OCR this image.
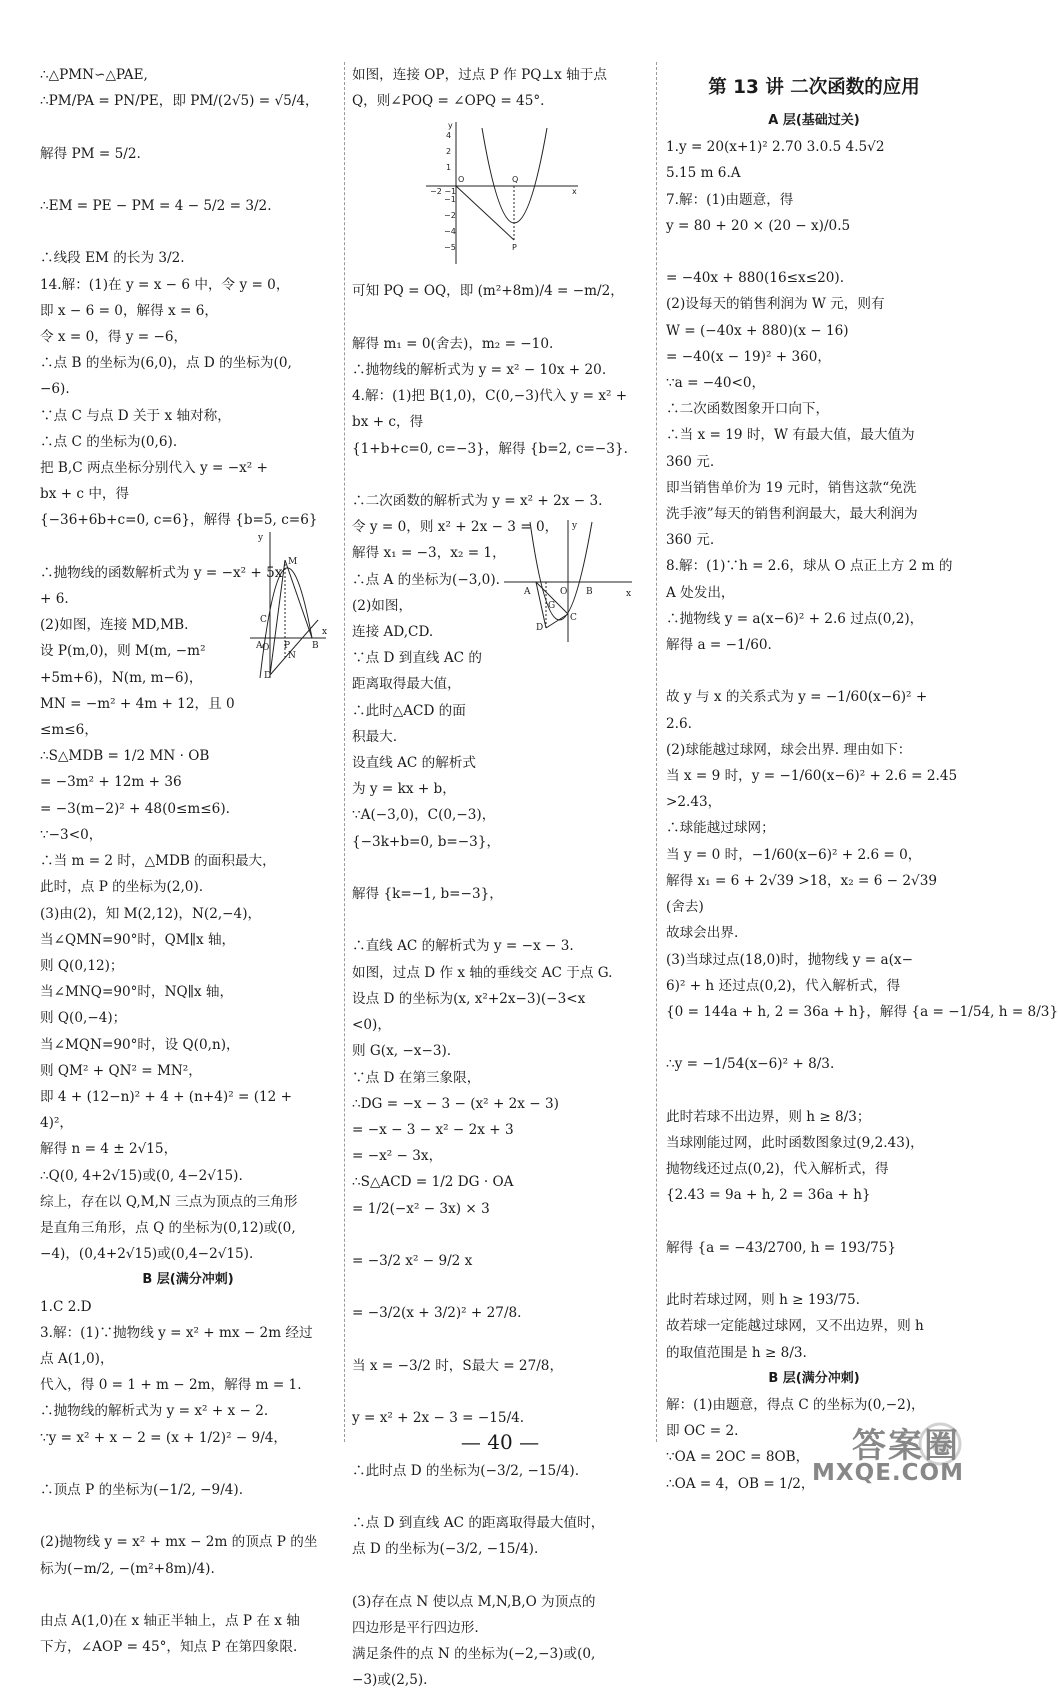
∴△PMN∽△PAE,
∴PM/PA = PN/PE，即 PM/(2√5) = √5/4，

解得 PM = 5/2.

∴EM = PE − PM = 4 − 5/2 = 3/2.

∴线段 EM 的长为 3/2.
14.解：(1)在 y = x − 6 中，令 y = 0，
即 x − 6 = 0，解得 x = 6，
令 x = 0，得 y = −6，
∴点 B 的坐标为(6,0)，点 D 的坐标为(0,
−6).
∵点 C 与点 D 关于 x 轴对称，
∴点 C 的坐标为(0,6).
把 B,C 两点坐标分别代入 y = −x² +
bx + c 中，得
{−36+6b+c=0, c=6}，解得 {b=5, c=6}

∴抛物线的函数解析式为 y = −x² + 5x
+ 6.
(2)如图，连接 MD,MB.
设 P(m,0)，则 M(m, −m²
+5m+6)，N(m, m−6)，
MN = −m² + 4m + 12，且 0
≤m≤6，
∴S△MDB = 1/2 MN · OB
= −3m² + 12m + 36
= −3(m−2)² + 48(0≤m≤6).
∵−3<0，
∴当 m = 2 时，△MDB 的面积最大，
此时，点 P 的坐标为(2,0).
(3)由(2)，知 M(2,12)，N(2,−4)，
当∠QMN=90°时，QM∥x 轴，
则 Q(0,12)；
当∠MNQ=90°时，NQ∥x 轴，
则 Q(0,−4)；
当∠MQN=90°时，设 Q(0,n)，
则 QM² + QN² = MN²，
即 4 + (12−n)² + 4 + (n+4)² = (12 +
4)²，
解得 n = 4 ± 2√15，
∴Q(0, 4+2√15)或(0, 4−2√15).
综上，存在以 Q,M,N 三点为顶点的三角形
是直角三角形，点 Q 的坐标为(0,12)或(0,
−4)，(0,4+2√15)或(0,4−2√15).
B 层(满分冲刺)
1.C 2.D
3.解：(1)∵抛物线 y = x² + mx − 2m 经过
点 A(1,0)，
代入，得 0 = 1 + m − 2m，解得 m = 1.
∴抛物线的解析式为 y = x² + x − 2.
∵y = x² + x − 2 = (x + 1/2)² − 9/4，

∴顶点 P 的坐标为(−1/2, −9/4).

(2)抛物线 y = x² + mx − 2m 的顶点 P 的坐
标为(−m/2, −(m²+8m)/4).

由点 A(1,0)在 x 轴正半轴上，点 P 在 x 轴
下方，∠AOP = 45°，知点 P 在第四象限.
如图，连接 OP，过点 P 作 PQ⊥x 轴于点
Q，则∠POQ = ∠OPQ = 45°.
可知 PQ = OQ，即 (m²+8m)/4 = −m/2，

解得 m₁ = 0(舍去)，m₂ = −10.
∴抛物线的解析式为 y = x² − 10x + 20.
4.解：(1)把 B(1,0)，C(0,−3)代入 y = x² +
bx + c，得
{1+b+c=0, c=−3}，解得 {b=2, c=−3}.

∴二次函数的解析式为 y = x² + 2x − 3.
令 y = 0，则 x² + 2x − 3 = 0，
解得 x₁ = −3，x₂ = 1，
∴点 A 的坐标为(−3,0).
(2)如图，
连接 AD,CD.
∵点 D 到直线 AC 的
距离取得最大值，
∴此时△ACD 的面
积最大.
设直线 AC 的解析式
为 y = kx + b，
∵A(−3,0)，C(0,−3)，
{−3k+b=0, b=−3}，

解得 {k=−1, b=−3}，

∴直线 AC 的解析式为 y = −x − 3.
如图，过点 D 作 x 轴的垂线交 AC 于点 G.
设点 D 的坐标为(x, x²+2x−3)(−3<x
<0)，
则 G(x, −x−3).
∵点 D 在第三象限，
∴DG = −x − 3 − (x² + 2x − 3)
= −x − 3 − x² − 2x + 3
= −x² − 3x，
∴S△ACD = 1/2 DG · OA
= 1/2(−x² − 3x) × 3

= −3/2 x² − 9/2 x

= −3/2(x + 3/2)² + 27/8.

当 x = −3/2 时，S最大 = 27/8，

y = x² + 2x − 3 = −15/4.

∴此时点 D 的坐标为(−3/2, −15/4).

∴点 D 到直线 AC 的距离取得最大值时，
点 D 的坐标为(−3/2, −15/4).

(3)存在点 N 使以点 M,N,B,O 为顶点的
四边形是平行四边形.
满足条件的点 N 的坐标为(−2,−3)或(0,
−3)或(2,5).
第 13 讲 二次函数的应用
A 层(基础过关)
1.y = 20(x+1)² 2.70 3.0.5 4.5√2
5.15 m 6.A
7.解：(1)由题意，得
y = 80 + 20 × (20 − x)/0.5

= −40x + 880(16≤x≤20).
(2)设每天的销售利润为 W 元，则有
W = (−40x + 880)(x − 16)
= −40(x − 19)² + 360，
∵a = −40<0，
∴二次函数图象开口向下，
∴当 x = 19 时，W 有最大值，最大值为
360 元.
即当销售单价为 19 元时，销售这款“免洗
洗手液”每天的销售利润最大，最大利润为
360 元.
8.解：(1)∵h = 2.6，球从 O 点正上方 2 m 的
A 处发出，
∴抛物线 y = a(x−6)² + 2.6 过点(0,2)，
解得 a = −1/60.

故 y 与 x 的关系式为 y = −1/60(x−6)² +
2.6.
(2)球能越过球网，球会出界. 理由如下：
当 x = 9 时，y = −1/60(x−6)² + 2.6 = 2.45
>2.43，
∴球能越过球网；
当 y = 0 时，−1/60(x−6)² + 2.6 = 0，
解得 x₁ = 6 + 2√39 >18，x₂ = 6 − 2√39
(舍去)
故球会出界.
(3)当球过点(18,0)时，抛物线 y = a(x−
6)² + h 还过点(0,2)，代入解析式，得
{0 = 144a + h, 2 = 36a + h}，解得 {a = −1/54, h = 8/3}

∴y = −1/54(x−6)² + 8/3.

此时若球不出边界，则 h ≥ 8/3；
当球刚能过网，此时函数图象过(9,2.43)，
抛物线还过点(0,2)，代入解析式，得
{2.43 = 9a + h, 2 = 36a + h}

解得 {a = −43/2700, h = 193/75}

此时若球过网，则 h ≥ 193/75.
故若球一定能越过球网，又不出边界，则 h
的取值范围是 h ≥ 8/3.
B 层(满分冲刺)
解：(1)由题意，得点 C 的坐标为(0,−2)，
即 OC = 2.
∵OA = 2OC = 8OB，
∴OA = 4，OB = 1/2，
y
C
M
A O P B
x
N
D
y
4
2
1
−1
−2
−4
−5
−2 −1
O	Q
P
x
y
A	O B	x
G
C
D
答案圈
MXQE.COM
— 40 —
